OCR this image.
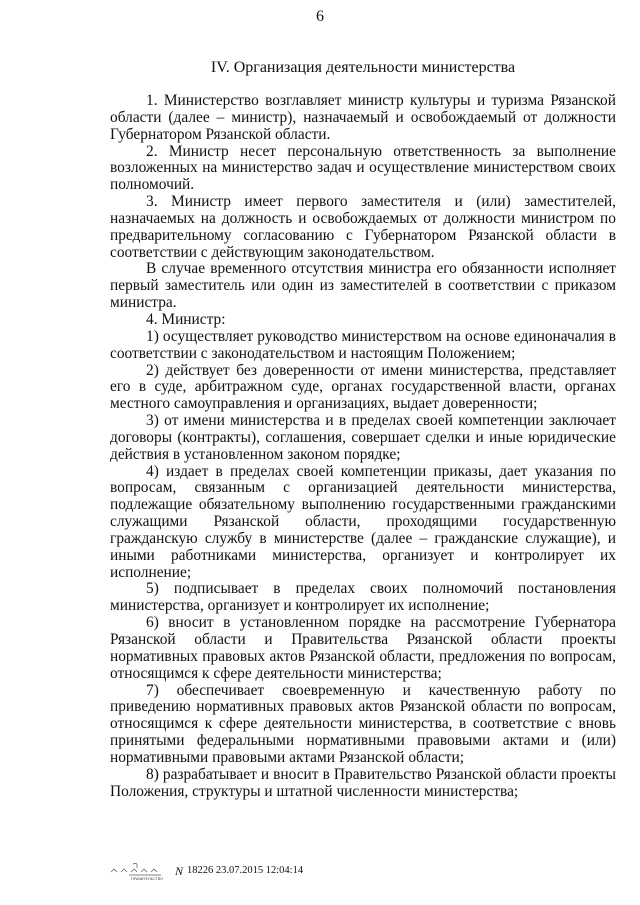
6
IV. Организация деятельности министерства

1. Министерство возглавляет министр культуры и туризма Рязанской области (далее – министр), назначаемый и освобождаемый от должности Губернатором Рязанской области.

2. Министр несет персональную ответственность за выполнение возложенных на министерство задач и осуществление министерством своих полномочий.

3. Министр имеет первого заместителя и (или) заместителей, назначаемых на должность и освобождаемых от должности министром по предварительному согласованию с Губернатором Рязанской области в соответствии с действующим законодательством.

В случае временного отсутствия министра его обязанности исполняет первый заместитель или один из заместителей в соответствии с приказом министра.

4. Министр:

1) осуществляет руководство министерством на основе единоначалия в соответствии с законодательством и настоящим Положением;

2) действует без доверенности от имени министерства, представляет его в суде, арбитражном суде, органах государственной власти, органах местного самоуправления и организациях, выдает доверенности;

3) от имени министерства и в пределах своей компетенции заключает договоры (контракты), соглашения, совершает сделки и иные юридические действия в установленном законом порядке;

4) издает в пределах своей компетенции приказы, дает указания по вопросам, связанным с организацией деятельности министерства, подлежащие обязательному выполнению государственными гражданскими служащими Рязанской области, проходящими государственную гражданскую службу в министерстве (далее – гражданские служащие), и иными работниками министерства, организует и контролирует их исполнение;

5) подписывает в пределах своих полномочий постановления министерства, организует и контролирует их исполнение;

6) вносит в установленном порядке на рассмотрение Губернатора Рязанской области и Правительства Рязанской области проекты нормативных правовых актов Рязанской области, предложения по вопросам, относящимся к сфере деятельности министерства;

7) обеспечивает своевременную и качественную работу по приведению нормативных правовых актов Рязанской области по вопросам, относящимся к сфере деятельности министерства, в соответствие с вновь принятыми федеральными нормативными правовыми актами и (или) нормативными правовыми актами Рязанской области;

8) разрабатывает и вносит в Правительство Рязанской области проекты Положения, структуры и штатной численности министерства;

ПРАВИТЕЛЬСТВО
N 18226 23.07.2015 12:04:14
